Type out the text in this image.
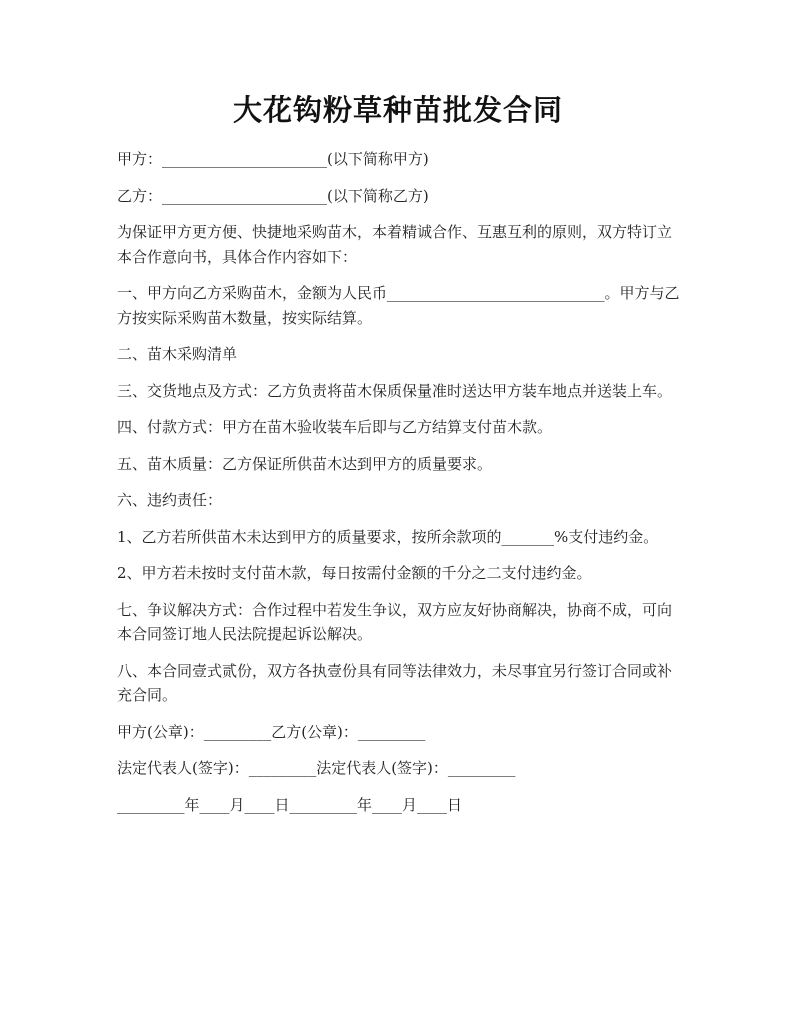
大花钩粉草种苗批发合同

甲方：______________________(以下简称甲方)

乙方：______________________(以下简称乙方)

为保证甲方更方便、快捷地采购苗木，本着精诚合作、互惠互利的原则，双方特订立本合作意向书，具体合作内容如下：

一、甲方向乙方采购苗木，金额为人民币_____________________________。甲方与乙方按实际采购苗木数量，按实际结算。

二、苗木采购清单

三、交货地点及方式：乙方负责将苗木保质保量准时送达甲方装车地点并送装上车。

四、付款方式：甲方在苗木验收装车后即与乙方结算支付苗木款。

五、苗木质量：乙方保证所供苗木达到甲方的质量要求。

六、违约责任：

1、乙方若所供苗木未达到甲方的质量要求，按所余款项的_______%支付违约金。

2、甲方若未按时支付苗木款，每日按需付金额的千分之二支付违约金。

七、争议解决方式：合作过程中若发生争议，双方应友好协商解决，协商不成，可向本合同签订地人民法院提起诉讼解决。

八、本合同壹式贰份，双方各执壹份具有同等法律效力，未尽事宜另行签订合同或补充合同。

甲方(公章)：_________乙方(公章)：_________

法定代表人(签字)：_________法定代表人(签字)：_________

_________年____月____日_________年____月____日
